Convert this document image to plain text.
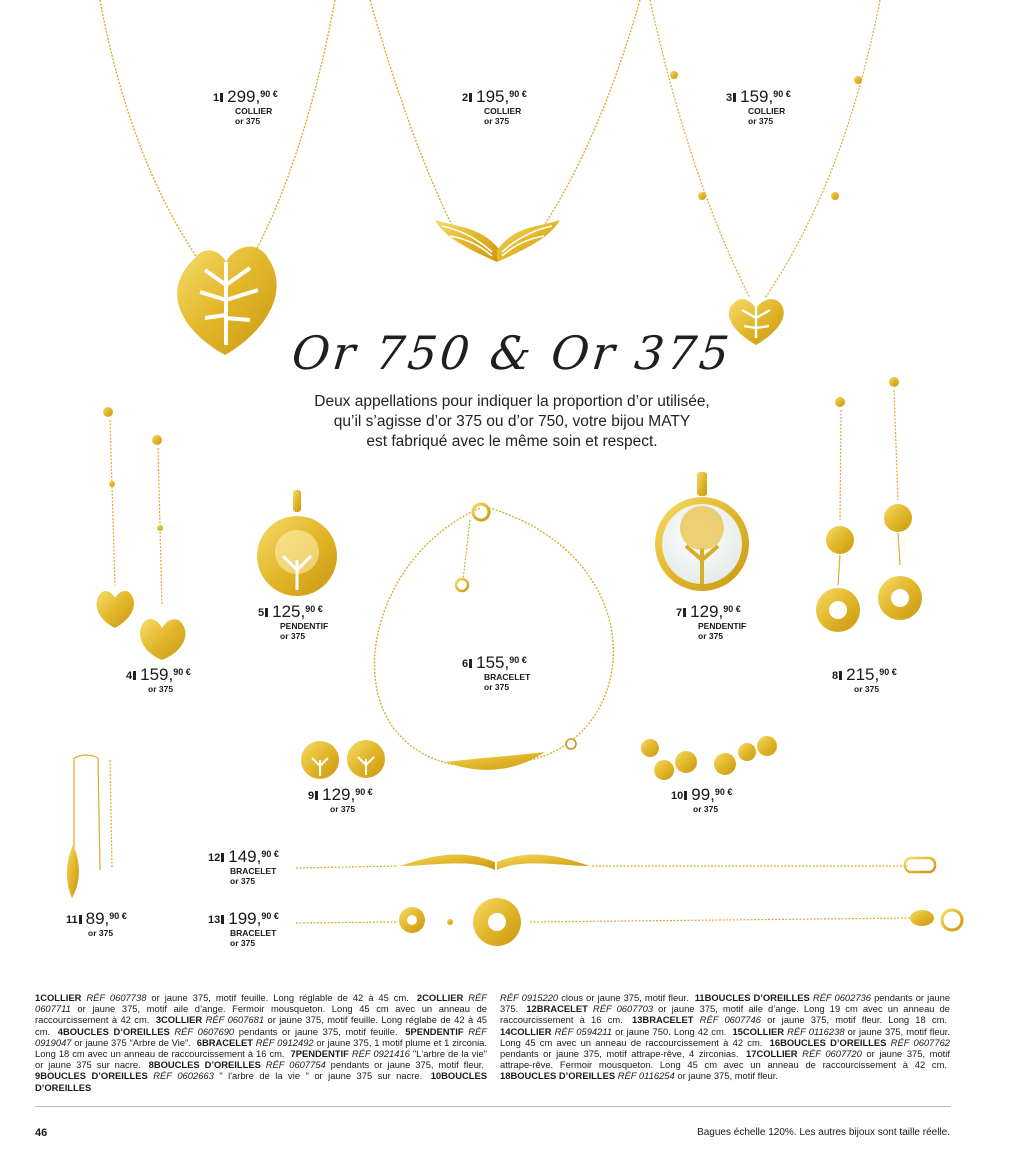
Or 750 & Or 375
Deux appellations pour indiquer la proportion d’or utilisée,
qu’il s’agisse d’or 375 ou d’or 750, votre bijou MATY
est fabriqué avec le même soin et respect.
$^1$ 299,$^{90 €}$
COLLIER
or 375
$^2$ 195,$^{90 €}$
COLLIER
or 375
$^3$ 159,$^{90 €}$
COLLIER
or 375
$^4$ 159,$^{90 €}$
or 375
$^5$ 125,$^{90 €}$
PENDENTIF
or 375
$^6$ 155,$^{90 €}$
BRACELET
or 375
$^7$ 129,$^{90 €}$
PENDENTIF
or 375
$^8$ 215,$^{90 €}$
or 375
$^9$ 129,$^{90 €}$
or 375
$^{10}$ 99,$^{90 €}$
or 375
$^{11}$ 89,$^{90 €}$
or 375
$^{12}$ 149,$^{90 €}$
BRACELET
or 375
$^{13}$ 199,$^{90 €}$
BRACELET
or 375
1COLLIER RÉF 0607738 or jaune 375, motif feuille. Long réglable de 42 à 45 cm. 2COLLIER RÉF 0607711 or jaune 375, motif aile d’ange. Fermoir mousqueton. Long 45 cm avec un anneau de raccourcissement à 42 cm. 3COLLIER RÉF 0607681 or jaune 375, motif feuille. Long réglabe de 42 à 45 cm. 4BOUCLES D’OREILLES RÉF 0607690 pendants or jaune 375, motif feuille. 5PENDENTIF RÉF 0919047 or jaune 375 "Arbre de Vie". 6BRACELET RÉF 0912492 or jaune 375, 1 motif plume et 1 zirconia. Long 18 cm avec un anneau de raccourcissement à 16 cm. 7PENDENTIF RÉF 0921416 "L'arbre de la vie" or jaune 375 sur nacre. 8BOUCLES D’OREILLES RÉF 0607754 pendants or jaune 375, motif fleur. 9BOUCLES D’OREILLES RÉF 0602663 " l'arbre de la vie " or jaune 375 sur nacre. 10BOUCLES D’OREILLES
RÉF 0915220 clous or jaune 375, motif fleur. 11BOUCLES D’OREILLES RÉF 0602736 pendants or jaune 375. 12BRACELET RÉF 0607703 or jaune 375, motif aile d’ange. Long 19 cm avec un anneau de raccourcissement à 16 cm. 13BRACELET RÉF 0607746 or jaune 375, motif fleur. Long 18 cm. 14COLLIER RÉF 0594211 or jaune 750. Long 42 cm. 15COLLIER RÉF 0116238 or jaune 375, motif fleur. Long 45 cm avec un anneau de raccourcissement à 42 cm. 16BOUCLES D’OREILLES RÉF 0607762 pendants or jaune 375, motif attrape-rêve, 4 zirconias. 17COLLIER RÉF 0607720 or jaune 375, motif attrape-rêve. Fermoir mousqueton. Long 45 cm avec un anneau de raccourcissement à 42 cm. 18BOUCLES D’OREILLES RÉF 0116254 or jaune 375, motif fleur.
46	Bagues échelle 120%. Les autres bijoux sont taille réelle.
